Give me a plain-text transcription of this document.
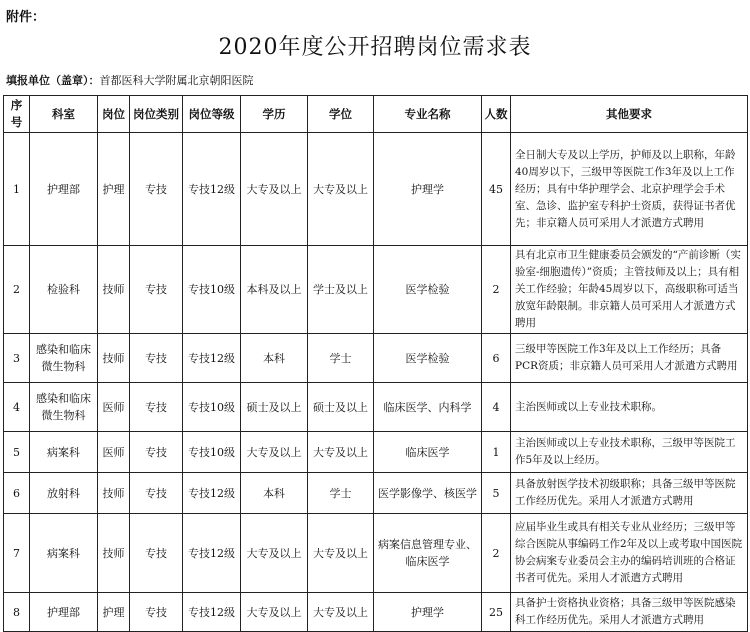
附件：
2020年度公开招聘岗位需求表
填报单位（盖章）：首都医科大学附属北京朝阳医院
序号	科室	岗位	岗位类别	岗位等级	学历	学位	专业名称	人数	其他要求
1	护理部	护理	专技	专技12级	大专及以上	大专及以上	护理学	45	全日制大专及以上学历，护师及以上职称，年龄40周岁以下，三级甲等医院工作3年及以上工作经历；具有中华护理学会、北京护理学会手术室、急诊、监护室专科护士资质，获得证书者优先；非京籍人员可采用人才派遣方式聘用
2	检验科	技师	专技	专技10级	本科及以上	学士及以上	医学检验	2	具有北京市卫生健康委员会颁发的“产前诊断（实验室-细胞遗传）”资质；主管技师及以上；具有相关工作经验；年龄45周岁以下，高级职称可适当放宽年龄限制。非京籍人员可采用人才派遣方式聘用
3	感染和临床微生物科	技师	专技	专技12级	本科	学士	医学检验	6	三级甲等医院工作3年及以上工作经历；具备PCR资质；非京籍人员可采用人才派遣方式聘用
4	感染和临床微生物科	医师	专技	专技10级	硕士及以上	硕士及以上	临床医学、内科学	4	主治医师或以上专业技术职称。
5	病案科	医师	专技	专技10级	大专及以上	大专及以上	临床医学	1	主治医师或以上专业技术职称，三级甲等医院工作5年及以上经历。
6	放射科	技师	专技	专技12级	本科	学士	医学影像学、核医学	5	具备放射医学技术初级职称；具备三级甲等医院工作经历优先。采用人才派遣方式聘用
7	病案科	技师	专技	专技12级	大专及以上	大专及以上	病案信息管理专业、临床医学	2	应届毕业生或具有相关专业从业经历；三级甲等综合医院从事编码工作2年及以上或考取中国医院协会病案专业委员会主办的编码培训班的合格证书者可优先。采用人才派遣方式聘用
8	护理部	护理	专技	专技12级	大专及以上	大专及以上	护理学	25	具备护士资格执业资格；具备三级甲等医院感染科工作经历优先。采用人才派遣方式聘用
